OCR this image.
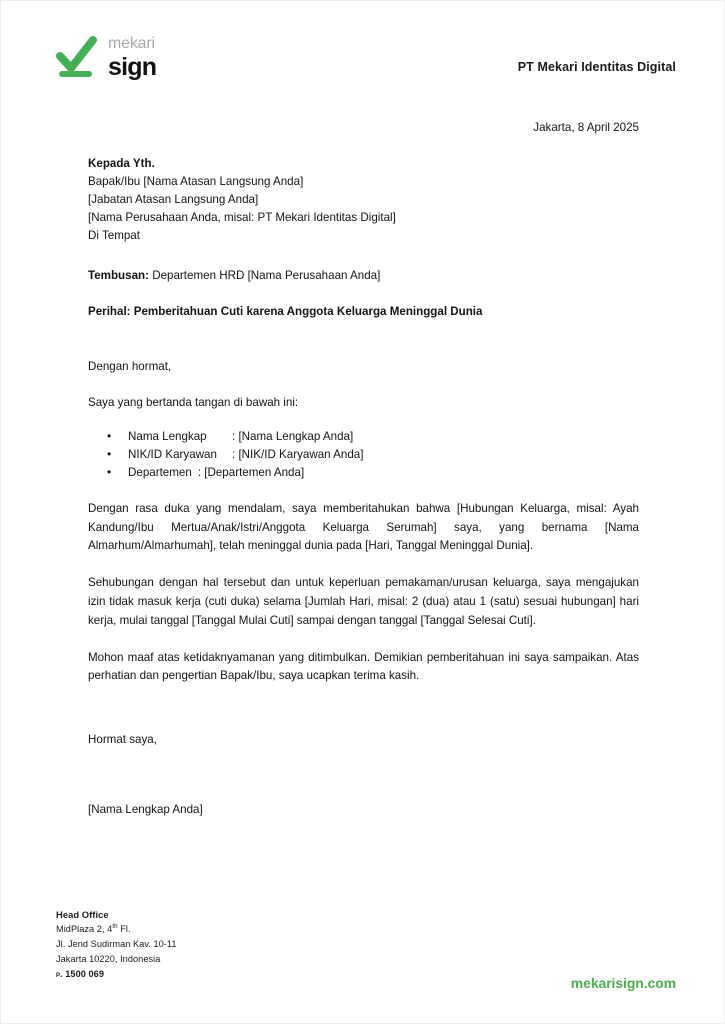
mekari
sign	PT Mekari Identitas Digital
Jakarta, 8 April 2025
Kepada Yth.
Bapak/Ibu [Nama Atasan Langsung Anda]
[Jabatan Atasan Langsung Anda]
[Nama Perusahaan Anda, misal: PT Mekari Identitas Digital]
Di Tempat
Tembusan: Departemen HRD [Nama Perusahaan Anda]
Perihal: Pemberitahuan Cuti karena Anggota Keluarga Meninggal Dunia
Dengan hormat,
Saya yang bertanda tangan di bawah ini:
• Nama Lengkap : [Nama Lengkap Anda]
• NIK/ID Karyawan : [NIK/ID Karyawan Anda]
• Departemen : [Departemen Anda]

Dengan rasa duka yang mendalam, saya memberitahukan bahwa [Hubungan Keluarga, misal: Ayah Kandung/Ibu Mertua/Anak/Istri/Anggota Keluarga Serumah] saya, yang bernama [Nama Almarhum/Almarhumah], telah meninggal dunia pada [Hari, Tanggal Meninggal Dunia].

Sehubungan dengan hal tersebut dan untuk keperluan pemakaman/urusan keluarga, saya mengajukan izin tidak masuk kerja (cuti duka) selama [Jumlah Hari, misal: 2 (dua) atau 1 (satu) sesuai hubungan] hari kerja, mulai tanggal [Tanggal Mulai Cuti] sampai dengan tanggal [Tanggal Selesai Cuti].

Mohon maaf atas ketidaknyamanan yang ditimbulkan. Demikian pemberitahuan ini saya sampaikan. Atas perhatian dan pengertian Bapak/Ibu, saya ucapkan terima kasih.

Hormat saya,
[Nama Lengkap Anda]
Head Office
MidPlaza 2, 4th Fl.
Jl. Jend Sudirman Kav. 10-11
Jakarta 10220, Indonesia
p. 1500 069
mekarisign.com
